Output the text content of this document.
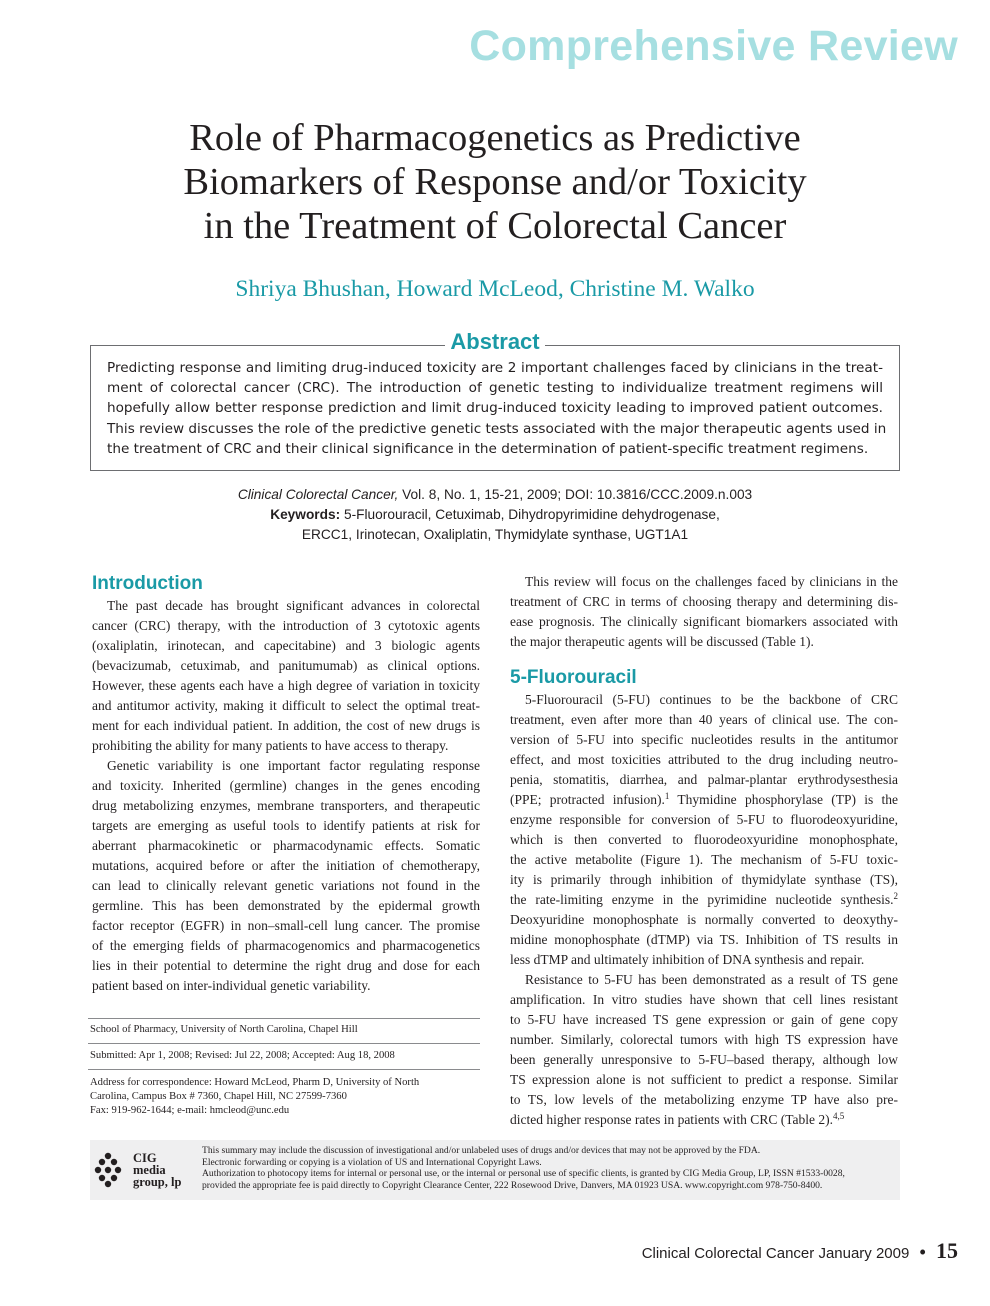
Comprehensive Review
Role of Pharmacogenetics as Predictive
Biomarkers of Response and/or Toxicity
in the Treatment of Colorectal Cancer
Shriya Bhushan, Howard McLeod, Christine M. Walko
Abstract
Predicting response and limiting drug-induced toxicity are 2 important challenges faced by clinicians in the treat-
ment of colorectal cancer (CRC). The introduction of genetic testing to individualize treatment regimens will
hopefully allow better response prediction and limit drug-induced toxicity leading to improved patient outcomes.
This review discusses the role of the predictive genetic tests associated with the major therapeutic agents used in
the treatment of CRC and their clinical significance in the determination of patient-specific treatment regimens.
Clinical Colorectal Cancer, Vol. 8, No. 1, 15-21, 2009; DOI: 10.3816/CCC.2009.n.003
Keywords: 5-Fluorouracil, Cetuximab, Dihydropyrimidine dehydrogenase,
ERCC1, Irinotecan, Oxaliplatin, Thymidylate synthase, UGT1A1
Introduction
The past decade has brought significant advances in colorectal
cancer (CRC) therapy, with the introduction of 3 cytotoxic agents
(oxaliplatin, irinotecan, and capecitabine) and 3 biologic agents
(bevacizumab, cetuximab, and panitumumab) as clinical options.
However, these agents each have a high degree of variation in toxicity
and antitumor activity, making it difficult to select the optimal treat-
ment for each individual patient. In addition, the cost of new drugs is
prohibiting the ability for many patients to have access to therapy.
Genetic variability is one important factor regulating response
and toxicity. Inherited (germline) changes in the genes encoding
drug metabolizing enzymes, membrane transporters, and therapeutic
targets are emerging as useful tools to identify patients at risk for
aberrant pharmacokinetic or pharmacodynamic effects. Somatic
mutations, acquired before or after the initiation of chemotherapy,
can lead to clinically relevant genetic variations not found in the
germline. This has been demonstrated by the epidermal growth
factor receptor (EGFR) in non–small-cell lung cancer. The promise
of the emerging fields of pharmacogenomics and pharmacogenetics
lies in their potential to determine the right drug and dose for each
patient based on inter-individual genetic variability.
School of Pharmacy, University of North Carolina, Chapel Hill
Submitted: Apr 1, 2008; Revised: Jul 22, 2008; Accepted: Aug 18, 2008
Address for correspondence: Howard McLeod, Pharm D, University of North
Carolina, Campus Box # 7360, Chapel Hill, NC 27599-7360
Fax: 919-962-1644; e-mail: hmcleod@unc.edu
This review will focus on the challenges faced by clinicians in the
treatment of CRC in terms of choosing therapy and determining dis-
ease prognosis. The clinically significant biomarkers associated with
the major therapeutic agents will be discussed (Table 1).
5-Fluorouracil
5-Fluorouracil (5-FU) continues to be the backbone of CRC
treatment, even after more than 40 years of clinical use. The con-
version of 5-FU into specific nucleotides results in the antitumor
effect, and most toxicities attributed to the drug including neutro-
penia, stomatitis, diarrhea, and palmar-plantar erythrodysesthesia
(PPE; protracted infusion).$^1$ Thymidine phosphorylase (TP) is the
enzyme responsible for conversion of 5-FU to fluorodeoxyuridine,
which is then converted to fluorodeoxyuridine monophosphate,
the active metabolite (Figure 1). The mechanism of 5-FU toxic-
ity is primarily through inhibition of thymidylate synthase (TS),
the rate-limiting enzyme in the pyrimidine nucleotide synthesis.$^2$
Deoxyuridine monophosphate is normally converted to deoxythy-
midine monophosphate (dTMP) via TS. Inhibition of TS results in
less dTMP and ultimately inhibition of DNA synthesis and repair.
Resistance to 5-FU has been demonstrated as a result of TS gene
amplification. In vitro studies have shown that cell lines resistant
to 5-FU have increased TS gene expression or gain of gene copy
number. Similarly, colorectal tumors with high TS expression have
been generally unresponsive to 5-FU–based therapy, although low
TS expression alone is not sufficient to predict a response. Similar
to TS, low levels of the metabolizing enzyme TP have also pre-
dicted higher response rates in patients with CRC (Table 2).$^{4,5}$
CIG
media
group, lp
This summary may include the discussion of investigational and/or unlabeled uses of drugs and/or devices that may not be approved by the FDA.
Electronic forwarding or copying is a violation of US and International Copyright Laws.
Authorization to photocopy items for internal or personal use, or the internal or personal use of specific clients, is granted by CIG Media Group, LP, ISSN #1533-0028,
provided the appropriate fee is paid directly to Copyright Clearance Center, 222 Rosewood Drive, Danvers, MA 01923 USA. www.copyright.com 978-750-8400.
Clinical Colorectal Cancer January 2009 • 15
